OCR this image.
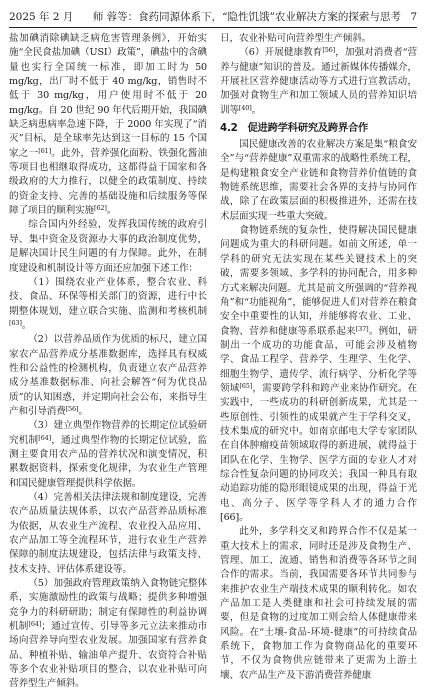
2025 年 2 月	师 蓉等：食药同源体系下，“隐性饥饿”农业解决方案的探索与思考 7

盐加碘消除碘缺乏病危害管理条例》，开始实施“全民食盐加碘（USI）政策”，碘盐中的含碘量也实行全国统一标准，即加工时为 50 mg/kg，出厂时不低于 40 mg/kg，销售时不低于 30 mg/kg，用户使用时不低于 20 mg/kg。自 20 世纪 90 年代后期开始，我国碘缺乏病患病率急速下降，于 2000 年实现了“消灭”目标，是全球率先达到这一目标的 15 个国家之一[61]。此外，营养强化面粉、铁强化酱油等项目也相继取得成功，这都得益于国家和各级政府的大力推行，以健全的政策制度、持续的资金支持、完善的基础设施和后续服务等保障了项目的顺利实施[62]。

综合国内外经验，发挥我国传统的政府引导、集中资金及资源办大事的政治制度优势，是解决国计民生问题的有力保障。此外，在制度建设和机制设计等方面还应加强下述工作：

（1）围绕农业产业体系，整合农业、科技、食品、环保等相关部门的资源，进行中长期整体规划，建立联合实施、监测和考核机制[63]。

（2）以营养品质作为优质的标尺，建立国家农产品营养成分基准数据库，选择具有权威性和公益性的检测机构，负责建立农产品营养成分基准数据标准、向社会解答“何为优良品质”的认知困惑，并定期向社会公布，来指导生产和引导消费[56]。

（3）建立典型作物营养的长期定位试验研究机制[64]，通过典型作物的长期定位试验，监测主要食用农产品的营养状况和演变情况，积累数据资料，探索变化规律，为农业生产管理和国民健康管理提供科学依据。

（4）完善相关法律法规和制度建设，完善农产品质量法规体系，以农产品营养品质标准为依据，从农业生产流程、农业投入品应用、农产品加工等全流程环节，进行农业生产营养保障的制度法规建设，包括法律与政策支持、技术支持、评估体系建设等。

（5）加强政府管理政策纳入食物链完整体系，实施激励性的政策与战略；提供多种增强竞争力的科研研助；制定有保障性的利益协调机制[64]；通过宣传、引导等多元立法来推动市场向营养导向型农业发展。加强国家有营养食品、种植补贴、输油单产提升、农资符合补贴等多个农业补贴项目的整合，以农业补贴可向营养型生产倾斜。

日，农业补贴可向营养型生产倾斜。

（6）开展健康教育[56]，加强对消费者“营养与健康”知识的普及。通过新媒体传播媒介，开展社区营养健康活动等方式进行宣教活动，加强对食物生产和加工领域人员的营养知识培训等[40]。

4.2　促进跨学科研究及跨界合作

国民健康改善的农业解决方案是集“粮食安全”与“营养健康”双重需求的战略性系统工程，是构建粮食安全产业链和食物营养价值链的食物链系统思维，需要社会各界的支持与协同作战，除了在政策层面的积极推进外，还需在技术层面实现一些重大突破。

食物链系统的复杂性，使得解决国民健康问题成为重大的科研问题。如前文所述，单一学科的研究无法实现在某些关键技术上的突破，需要多领域、多学科的协同配合，用多种方式来解决问题。尤其是前文所强调的“营养视角”和“功能视角”，能够促进人们对营养在粮食安全中重要性的认知，并能够将农业、工业、食物、营养和健康等系联系起来[37]。例如，研制出一个成功的功能食品，可能会涉及植物学、食品工程学、营养学、生理学、生化学、细胞生物学、遗传学、流行病学、分析化学等领域[65]，需要跨学科和跨产业来协作研究。在实践中，一些成功的科研创新成果，尤其是一些原创性、引领性的成果就产生于学科交叉，技术集成的研究中。如南京邮电大学专家团队在自体肿瘤疫苗领域取得的新进展，就得益于团队在化学、生物学、医学方面的专业人才对综合性复杂问题的协同攻关；我国一种具有取动追踪功能的隐形眼镜成果的出现，得益于光电、高分子、医学等学科人才的通力合作[66]。

此外，多学科交叉和跨界合作不仅是某一重大技术上的需求，同时还是涉及食物生产、管理、加工、流通、销售和消费等各环节之间合作的需求。当前，我国需要各环节共同参与来推护农业生产端技术成果的顺利转化。如农产品加工是人类健康和社会可持续发展的需要，但是食物的过度加工则会给人体健康带来风险。在“土壤-食品-环境-健康”的可持续食品系统下，食物加工作为食物商品化的重要环节，不仅为食物供应链带来了更需为上游土壤、农产品生产及下游消费营养健康
